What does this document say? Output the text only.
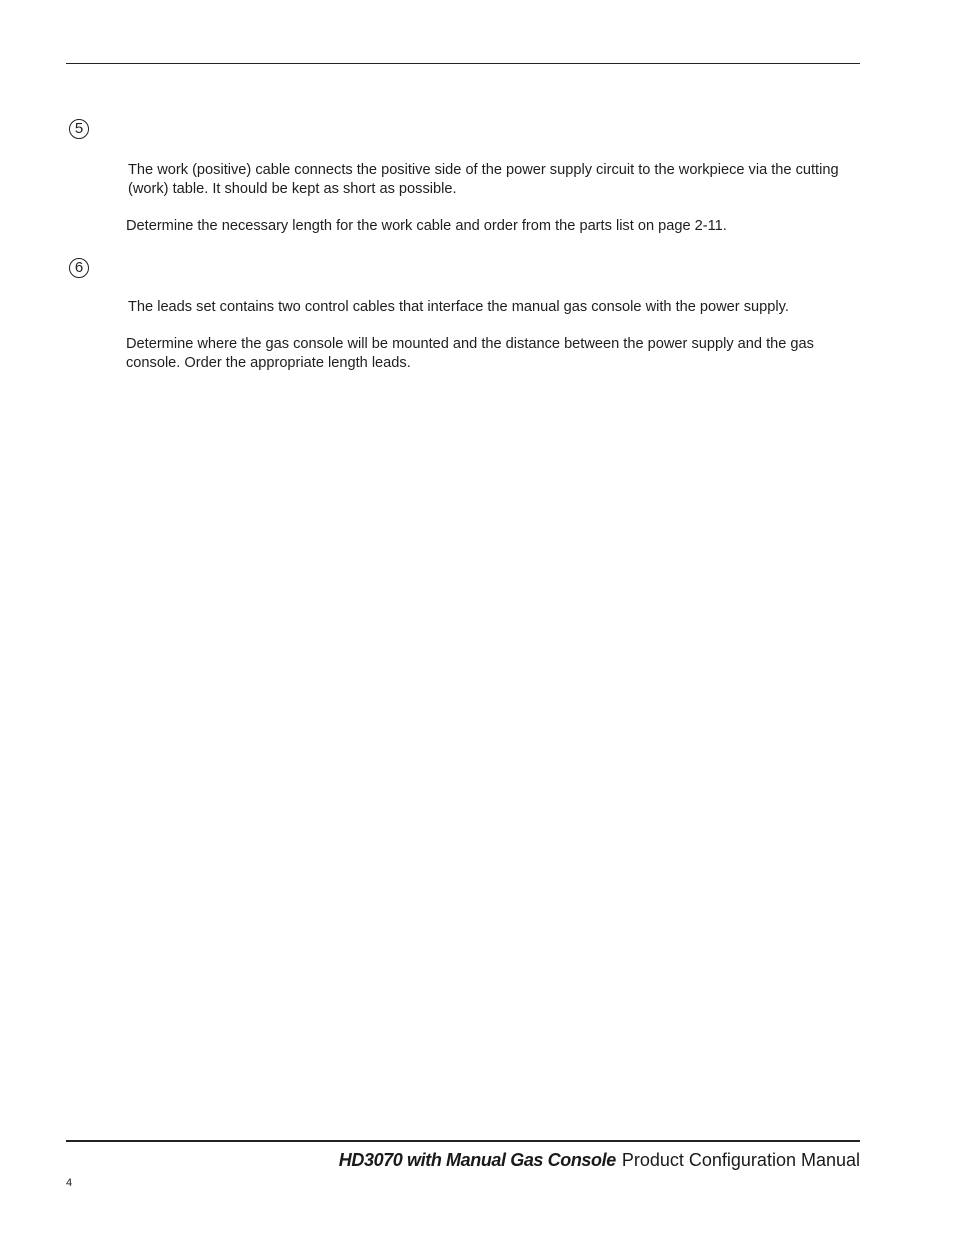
5

The work (positive) cable connects the positive side of the power supply circuit to the workpiece via the cutting (work) table. It should be kept as short as possible.

Determine the necessary length for the work cable and order from the parts list on page 2-11.

6

The leads set contains two control cables that interface the manual gas console with the power supply.

Determine where the gas console will be mounted and the distance between the power supply and the gas console. Order the appropriate length leads.

HD3070 with Manual Gas Console Product Configuration Manual
4
